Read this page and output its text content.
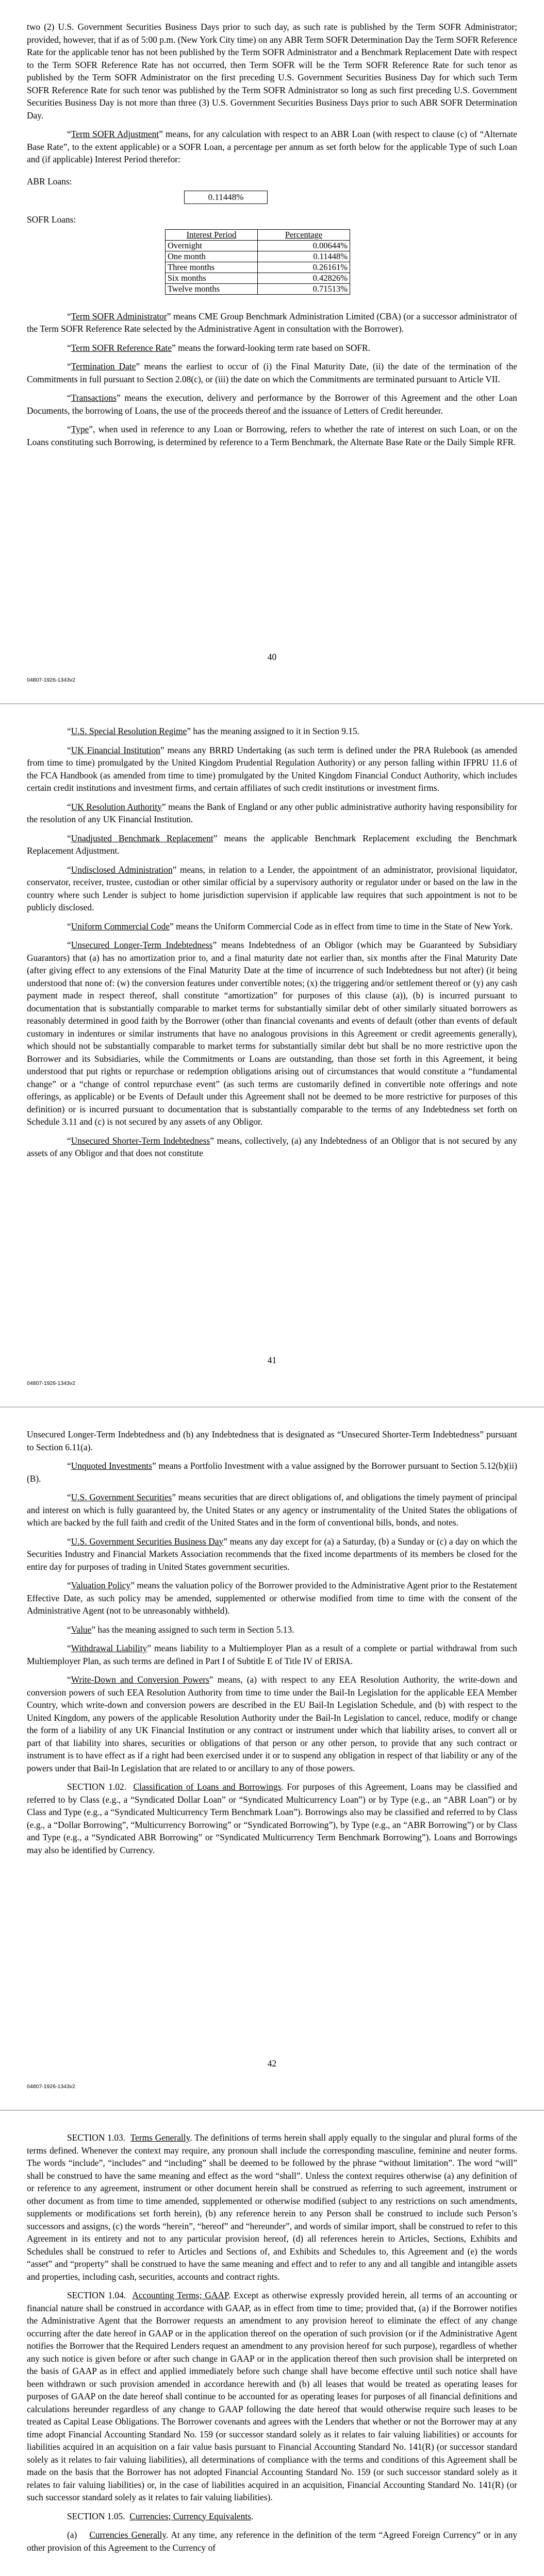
two (2) U.S. Government Securities Business Days prior to such day, as such rate is published by the Term SOFR Administrator; provided, however, that if as of 5:00 p.m. (New York City time) on any ABR Term SOFR Determination Day the Term SOFR Reference Rate for the applicable tenor has not been published by the Term SOFR Administrator and a Benchmark Replacement Date with respect to the Term SOFR Reference Rate has not occurred, then Term SOFR will be the Term SOFR Reference Rate for such tenor as published by the Term SOFR Administrator on the first preceding U.S. Government Securities Business Day for which such Term SOFR Reference Rate for such tenor was published by the Term SOFR Administrator so long as such first preceding U.S. Government Securities Business Day is not more than three (3) U.S. Government Securities Business Days prior to such ABR SOFR Determination Day.

“Term SOFR Adjustment” means, for any calculation with respect to an ABR Loan (with respect to clause (c) of “Alternate Base Rate”, to the extent applicable) or a SOFR Loan, a percentage per annum as set forth below for the applicable Type of such Loan and (if applicable) Interest Period therefor:

ABR Loans:
0.11448%
SOFR Loans:
Interest Period	Percentage
Overnight	0.00644%
One month	0.11448%
Three months	0.26161%
Six months	0.42826%
Twelve months	0.71513%

“Term SOFR Administrator” means CME Group Benchmark Administration Limited (CBA) (or a successor administrator of the Term SOFR Reference Rate selected by the Administrative Agent in consultation with the Borrower).

“Term SOFR Reference Rate” means the forward-looking term rate based on SOFR.

“Termination Date” means the earliest to occur of (i) the Final Maturity Date, (ii) the date of the termination of the Commitments in full pursuant to Section 2.08(c), or (iii) the date on which the Commitments are terminated pursuant to Article VII.

“Transactions” means the execution, delivery and performance by the Borrower of this Agreement and the other Loan Documents, the borrowing of Loans, the use of the proceeds thereof and the issuance of Letters of Credit hereunder.

“Type”, when used in reference to any Loan or Borrowing, refers to whether the rate of interest on such Loan, or on the Loans constituting such Borrowing, is determined by reference to a Term Benchmark, the Alternate Base Rate or the Daily Simple RFR.

40
04807-1926-1343v2

“U.S. Special Resolution Regime” has the meaning assigned to it in Section 9.15.

“UK Financial Institution” means any BRRD Undertaking (as such term is defined under the PRA Rulebook (as amended from time to time) promulgated by the United Kingdom Prudential Regulation Authority) or any person falling within IFPRU 11.6 of the FCA Handbook (as amended from time to time) promulgated by the United Kingdom Financial Conduct Authority, which includes certain credit institutions and investment firms, and certain affiliates of such credit institutions or investment firms.

“UK Resolution Authority” means the Bank of England or any other public administrative authority having responsibility for the resolution of any UK Financial Institution.

“Unadjusted Benchmark Replacement” means the applicable Benchmark Replacement excluding the Benchmark Replacement Adjustment.

“Undisclosed Administration” means, in relation to a Lender, the appointment of an administrator, provisional liquidator, conservator, receiver, trustee, custodian or other similar official by a supervisory authority or regulator under or based on the law in the country where such Lender is subject to home jurisdiction supervision if applicable law requires that such appointment is not to be publicly disclosed.

“Uniform Commercial Code” means the Uniform Commercial Code as in effect from time to time in the State of New York.

“Unsecured Longer-Term Indebtedness” means Indebtedness of an Obligor (which may be Guaranteed by Subsidiary Guarantors) that (a) has no amortization prior to, and a final maturity date not earlier than, six months after the Final Maturity Date (after giving effect to any extensions of the Final Maturity Date at the time of incurrence of such Indebtedness but not after) (it being understood that none of: (w) the conversion features under convertible notes; (x) the triggering and/or settlement thereof or (y) any cash payment made in respect thereof, shall constitute “amortization” for purposes of this clause (a)), (b) is incurred pursuant to documentation that is substantially comparable to market terms for substantially similar debt of other similarly situated borrowers as reasonably determined in good faith by the Borrower (other than financial covenants and events of default (other than events of default customary in indentures or similar instruments that have no analogous provisions in this Agreement or credit agreements generally), which should not be substantially comparable to market terms for substantially similar debt but shall be no more restrictive upon the Borrower and its Subsidiaries, while the Commitments or Loans are outstanding, than those set forth in this Agreement, it being understood that put rights or repurchase or redemption obligations arising out of circumstances that would constitute a “fundamental change” or a “change of control repurchase event” (as such terms are customarily defined in convertible note offerings and note offerings, as applicable) or be Events of Default under this Agreement shall not be deemed to be more restrictive for purposes of this definition) or is incurred pursuant to documentation that is substantially comparable to the terms of any Indebtedness set forth on Schedule 3.11 and (c) is not secured by any assets of any Obligor.

“Unsecured Shorter-Term Indebtedness” means, collectively, (a) any Indebtedness of an Obligor that is not secured by any assets of any Obligor and that does not constitute

41
04807-1926-1343v2

Unsecured Longer-Term Indebtedness and (b) any Indebtedness that is designated as “Unsecured Shorter-Term Indebtedness” pursuant to Section 6.11(a).

“Unquoted Investments” means a Portfolio Investment with a value assigned by the Borrower pursuant to Section 5.12(b)(ii)(B).

“U.S. Government Securities” means securities that are direct obligations of, and obligations the timely payment of principal and interest on which is fully guaranteed by, the United States or any agency or instrumentality of the United States the obligations of which are backed by the full faith and credit of the United States and in the form of conventional bills, bonds, and notes.

“U.S. Government Securities Business Day” means any day except for (a) a Saturday, (b) a Sunday or (c) a day on which the Securities Industry and Financial Markets Association recommends that the fixed income departments of its members be closed for the entire day for purposes of trading in United States government securities.

“Valuation Policy” means the valuation policy of the Borrower provided to the Administrative Agent prior to the Restatement Effective Date, as such policy may be amended, supplemented or otherwise modified from time to time with the consent of the Administrative Agent (not to be unreasonably withheld).

“Value” has the meaning assigned to such term in Section 5.13.

“Withdrawal Liability” means liability to a Multiemployer Plan as a result of a complete or partial withdrawal from such Multiemployer Plan, as such terms are defined in Part I of Subtitle E of Title IV of ERISA.

“Write-Down and Conversion Powers” means, (a) with respect to any EEA Resolution Authority, the write-down and conversion powers of such EEA Resolution Authority from time to time under the Bail-In Legislation for the applicable EEA Member Country, which write-down and conversion powers are described in the EU Bail-In Legislation Schedule, and (b) with respect to the United Kingdom, any powers of the applicable Resolution Authority under the Bail-In Legislation to cancel, reduce, modify or change the form of a liability of any UK Financial Institution or any contract or instrument under which that liability arises, to convert all or part of that liability into shares, securities or obligations of that person or any other person, to provide that any such contract or instrument is to have effect as if a right had been exercised under it or to suspend any obligation in respect of that liability or any of the powers under that Bail-In Legislation that are related to or ancillary to any of those powers.

SECTION 1.02. Classification of Loans and Borrowings. For purposes of this Agreement, Loans may be classified and referred to by Class (e.g., a “Syndicated Dollar Loan” or “Syndicated Multicurrency Loan”) or by Type (e.g., an “ABR Loan”) or by Class and Type (e.g., a “Syndicated Multicurrency Term Benchmark Loan”). Borrowings also may be classified and referred to by Class (e.g., a “Dollar Borrowing”, “Multicurrency Borrowing” or “Syndicated Borrowing”), by Type (e.g., an “ABR Borrowing”) or by Class and Type (e.g., a “Syndicated ABR Borrowing” or “Syndicated Multicurrency Term Benchmark Borrowing”). Loans and Borrowings may also be identified by Currency.

42
04807-1926-1343v2

SECTION 1.03. Terms Generally. The definitions of terms herein shall apply equally to the singular and plural forms of the terms defined. Whenever the context may require, any pronoun shall include the corresponding masculine, feminine and neuter forms. The words “include”, “includes” and “including” shall be deemed to be followed by the phrase “without limitation”. The word “will” shall be construed to have the same meaning and effect as the word “shall”. Unless the context requires otherwise (a) any definition of or reference to any agreement, instrument or other document herein shall be construed as referring to such agreement, instrument or other document as from time to time amended, supplemented or otherwise modified (subject to any restrictions on such amendments, supplements or modifications set forth herein), (b) any reference herein to any Person shall be construed to include such Person’s successors and assigns, (c) the words “herein”, “hereof” and “hereunder”, and words of similar import, shall be construed to refer to this Agreement in its entirety and not to any particular provision hereof, (d) all references herein to Articles, Sections, Exhibits and Schedules shall be construed to refer to Articles and Sections of, and Exhibits and Schedules to, this Agreement and (e) the words “asset” and “property” shall be construed to have the same meaning and effect and to refer to any and all tangible and intangible assets and properties, including cash, securities, accounts and contract rights.

SECTION 1.04. Accounting Terms; GAAP. Except as otherwise expressly provided herein, all terms of an accounting or financial nature shall be construed in accordance with GAAP, as in effect from time to time; provided that, (a) if the Borrower notifies the Administrative Agent that the Borrower requests an amendment to any provision hereof to eliminate the effect of any change occurring after the date hereof in GAAP or in the application thereof on the operation of such provision (or if the Administrative Agent notifies the Borrower that the Required Lenders request an amendment to any provision hereof for such purpose), regardless of whether any such notice is given before or after such change in GAAP or in the application thereof then such provision shall be interpreted on the basis of GAAP as in effect and applied immediately before such change shall have become effective until such notice shall have been withdrawn or such provision amended in accordance herewith and (b) all leases that would be treated as operating leases for purposes of GAAP on the date hereof shall continue to be accounted for as operating leases for purposes of all financial definitions and calculations hereunder regardless of any change to GAAP following the date hereof that would otherwise require such leases to be treated as Capital Lease Obligations. The Borrower covenants and agrees with the Lenders that whether or not the Borrower may at any time adopt Financial Accounting Standard No. 159 (or successor standard solely as it relates to fair valuing liabilities) or accounts for liabilities acquired in an acquisition on a fair value basis pursuant to Financial Accounting Standard No. 141(R) (or successor standard solely as it relates to fair valuing liabilities), all determinations of compliance with the terms and conditions of this Agreement shall be made on the basis that the Borrower has not adopted Financial Accounting Standard No. 159 (or such successor standard solely as it relates to fair valuing liabilities) or, in the case of liabilities acquired in an acquisition, Financial Accounting Standard No. 141(R) (or such successor standard solely as it relates to fair valuing liabilities).

SECTION 1.05. Currencies; Currency Equivalents.

(a) Currencies Generally. At any time, any reference in the definition of the term “Agreed Foreign Currency” or in any other provision of this Agreement to the Currency of
